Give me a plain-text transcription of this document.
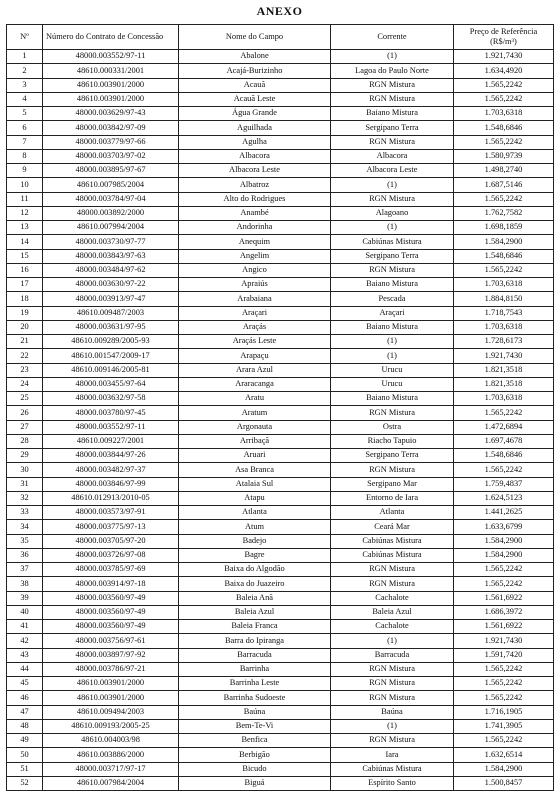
ANEXO
Nº	Número do Contrato de Concessão	Nome do Campo	Corrente	Preço de Referência (R$/m³)
1	48000.003552/97-11	Abalone	(1)	1.921,7430
2	48610.000331/2001	Acajá-Burizinho	Lagoa do Paulo Norte	1.634,4920
3	48610.003901/2000	Acauã	RGN Mistura	1.565,2242
4	48610.003901/2000	Acauã Leste	RGN Mistura	1.565,2242
5	48000.003629/97-43	Água Grande	Baiano Mistura	1.703,6318
6	48000.003842/97-09	Aguilhada	Sergipano Terra	1.548,6846
7	48000.003779/97-66	Agulha	RGN Mistura	1.565,2242
8	48000.003703/97-02	Albacora	Albacora	1.580,9739
9	48000.003895/97-67	Albacora Leste	Albacora Leste	1.498,2740
10	48610.007985/2004	Albatroz	(1)	1.687,5146
11	48000.003784/97-04	Alto do Rodrigues	RGN Mistura	1.565,2242
12	48000.003892/2000	Anambé	Alagoano	1.762,7582
13	48610.007994/2004	Andorinha	(1)	1.698,1859
14	48000.003730/97-77	Anequim	Cabiúnas Mistura	1.584,2900
15	48000.003843/97-63	Angelim	Sergipano Terra	1.548,6846
16	48000.003484/97-62	Angico	RGN Mistura	1.565,2242
17	48000.003630/97-22	Apraiús	Baiano Mistura	1.703,6318
18	48000.003913/97-47	Arabaiana	Pescada	1.884,8150
19	48610.009487/2003	Araçari	Araçari	1.718,7543
20	48000.003631/97-95	Araçás	Baiano Mistura	1.703,6318
21	48610.009289/2005-93	Araçás Leste	(1)	1.728,6173
22	48610.001547/2009-17	Arapaçu	(1)	1.921,7430
23	48610.009146/2005-81	Arara Azul	Urucu	1.821,3518
24	48000.003455/97-64	Araracanga	Urucu	1.821,3518
25	48000.003632/97-58	Aratu	Baiano Mistura	1.703,6318
26	48000.003780/97-45	Aratum	RGN Mistura	1.565,2242
27	48000.003552/97-11	Argonauta	Ostra	1.472,6894
28	48610.009227/2001	Arribaçã	Riacho Tapuio	1.697,4678
29	48000.003844/97-26	Aruari	Sergipano Terra	1.548,6846
30	48000.003482/97-37	Asa Branca	RGN Mistura	1.565,2242
31	48000.003846/97-99	Atalaia Sul	Sergipano Mar	1.759,4837
32	48610.012913/2010-05	Atapu	Entorno de Iara	1.624,5123
33	48000.003573/97-91	Atlanta	Atlanta	1.441,2625
34	48000.003775/97-13	Atum	Ceará Mar	1.633,6799
35	48000.003705/97-20	Badejo	Cabiúnas Mistura	1.584,2900
36	48000.003726/97-08	Bagre	Cabiúnas Mistura	1.584,2900
37	48000.003785/97-69	Baixa do Algodão	RGN Mistura	1.565,2242
38	48000.003914/97-18	Baixa do Juazeiro	RGN Mistura	1.565,2242
39	48000.003560/97-49	Baleia Anã	Cachalote	1.561,6922
40	48000.003560/97-49	Baleia Azul	Baleia Azul	1.686,3972
41	48000.003560/97-49	Baleia Franca	Cachalote	1.561,6922
42	48000.003756/97-61	Barra do Ipiranga	(1)	1.921,7430
43	48000.003897/97-92	Barracuda	Barracuda	1.591,7420
44	48000.003786/97-21	Barrinha	RGN Mistura	1.565,2242
45	48610.003901/2000	Barrinha Leste	RGN Mistura	1.565,2242
46	48610.003901/2000	Barrinha Sudoeste	RGN Mistura	1.565,2242
47	48610.009494/2003	Baúna	Baúna	1.716,1905
48	48610.009193/2005-25	Bem-Te-Vi	(1)	1.741,3905
49	48610.004003/98	Benfica	RGN Mistura	1.565,2242
50	48610.003886/2000	Berbigão	Iara	1.632,6514
51	48000.003717/97-17	Bicudo	Cabiúnas Mistura	1.584,2900
52	48610.007984/2004	Biguá	Espírito Santo	1.500,8457
